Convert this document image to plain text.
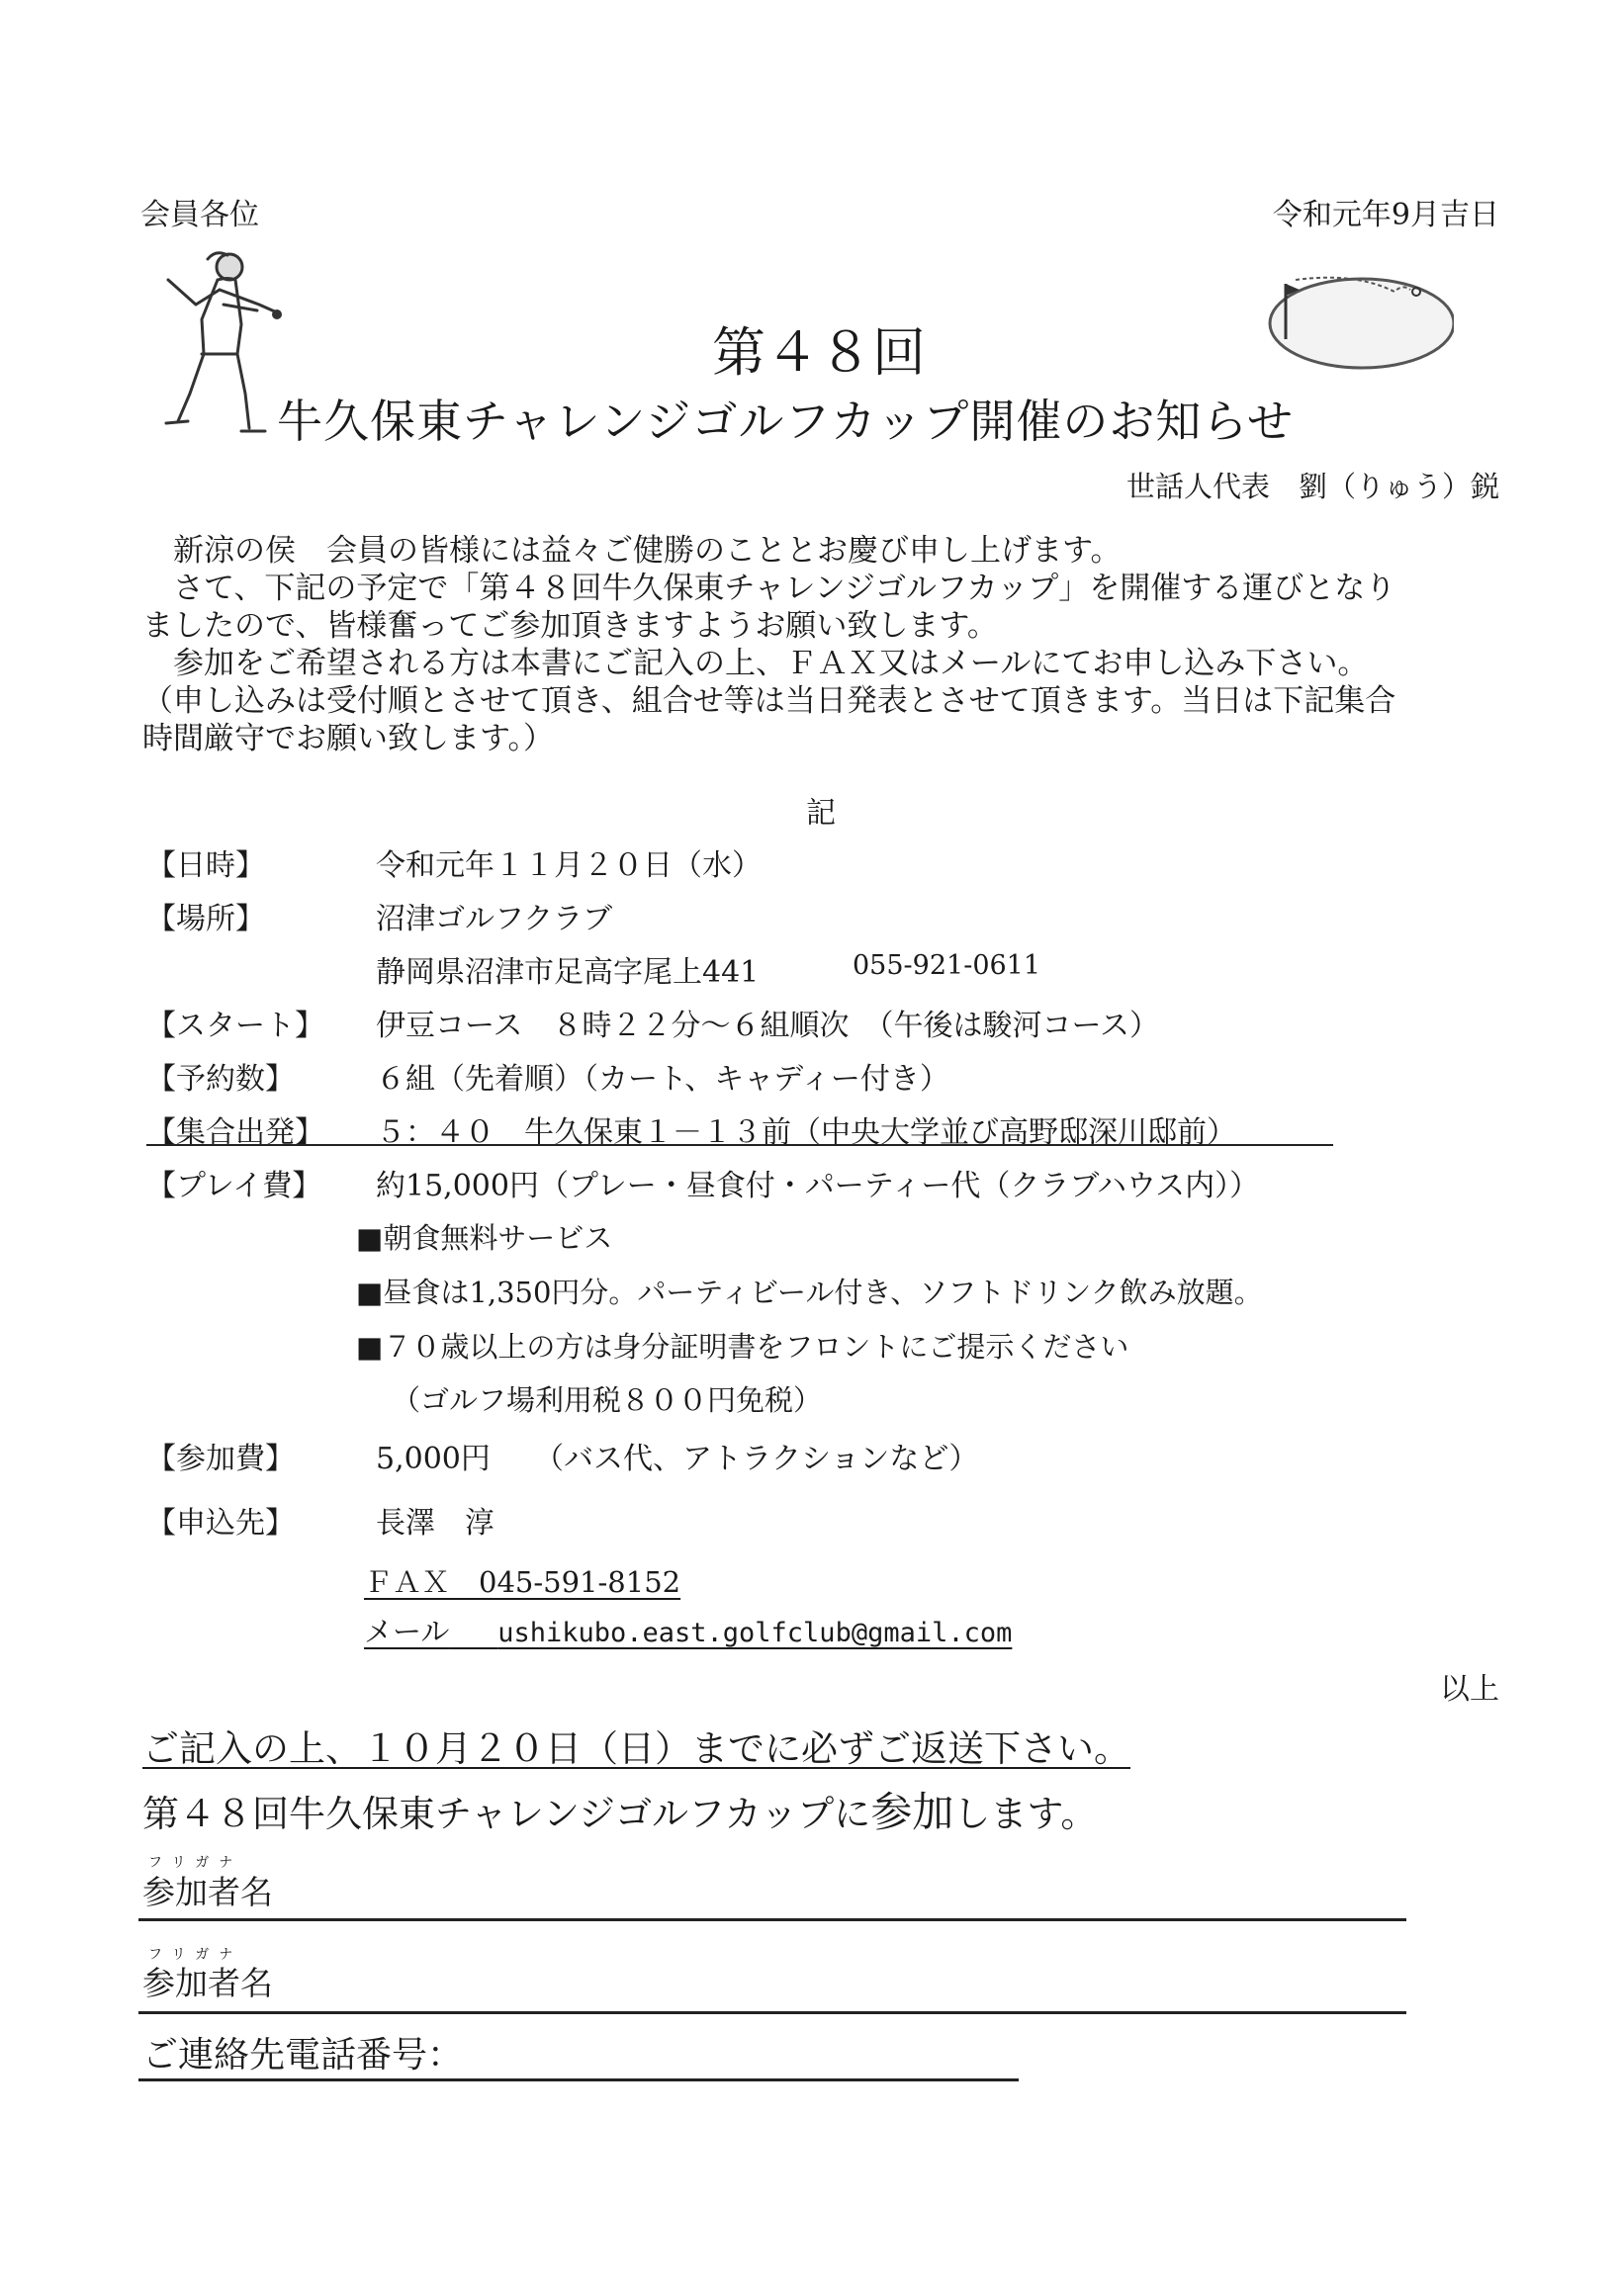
会員各位	令和元年9月吉日
第４８回
牛久保東チャレンジゴルフカップ開催のお知らせ
世話人代表　劉（りゅう）鋭
　新涼の侯　会員の皆様には益々ご健勝のこととお慶び申し上げます。
　さて、下記の予定で「第４８回牛久保東チャレンジゴルフカップ」を開催する運びとなり
ましたので、皆様奮ってご参加頂きますようお願い致します。
　参加をご希望される方は本書にご記入の上、ＦＡＸ又はメールにてお申し込み下さい。
（申し込みは受付順とさせて頂き、組合せ等は当日発表とさせて頂きます。当日は下記集合
時間厳守でお願い致します。）
記
【日時】	令和元年１１月２０日（水）
【場所】	沼津ゴルフクラブ
静岡県沼津市足高字尾上441	055-921-0611
【スタート】 伊豆コース　８時２２分～６組順次　（午後は駿河コース）
【予約数】	６組（先着順）（カート、キャディー付き）
【集合出発】 ５：４０　牛久保東１－１３前（中央大学並び高野邸深川邸前）
【プレイ費】 約15,000円（プレー・昼食付・パーティー代（クラブハウス内））
■朝食無料サービス
■昼食は1,350円分。パーティビール付き、ソフトドリンク飲み放題。
■７０歳以上の方は身分証明書をフロントにご提示ください
（ゴルフ場利用税８００円免税）
【参加費】	5,000円 （バス代、アトラクションなど）
【申込先】	長澤　淳
ＦＡＸ　045-591-8152
メール ushikubo.east.golfclub@gmail.com
以上
ご記入の上、１０月２０日（日）までに必ずご返送下さい。
第４８回牛久保東チャレンジゴルフカップに参加します。
フリガナ
参加者名
フリガナ
参加者名
ご連絡先電話番号：
